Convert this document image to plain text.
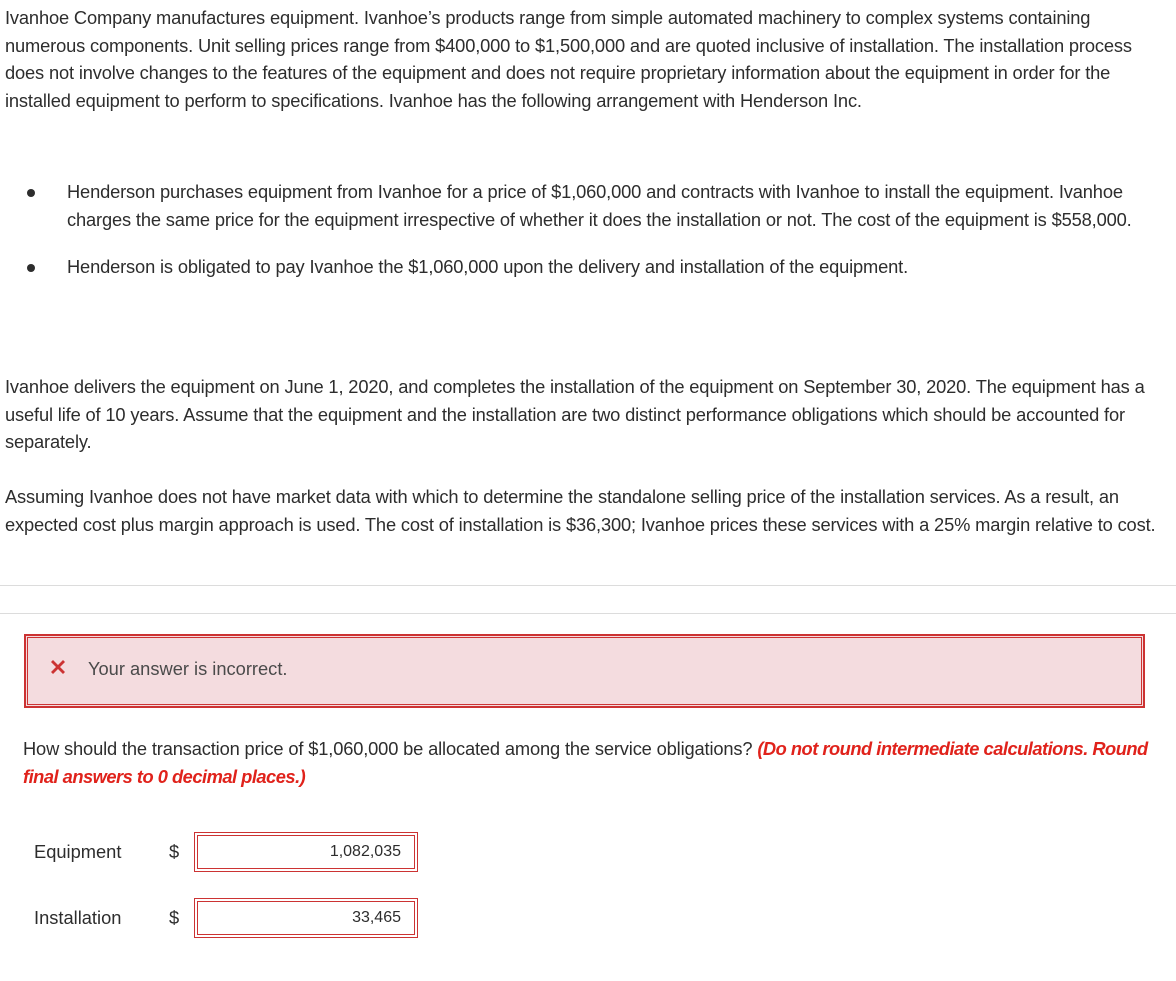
Ivanhoe Company manufactures equipment. Ivanhoe’s products range from simple automated machinery to complex systems containing numerous components. Unit selling prices range from $400,000 to $1,500,000 and are quoted inclusive of installation. The installation process does not involve changes to the features of the equipment and does not require proprietary information about the equipment in order for the installed equipment to perform to specifications. Ivanhoe has the following arrangement with Henderson Inc.

Henderson purchases equipment from Ivanhoe for a price of $1,060,000 and contracts with Ivanhoe to install the equipment. Ivanhoe charges the same price for the equipment irrespective of whether it does the installation or not. The cost of the equipment is $558,000.
Henderson is obligated to pay Ivanhoe the $1,060,000 upon the delivery and installation of the equipment.

Ivanhoe delivers the equipment on June 1, 2020, and completes the installation of the equipment on September 30, 2020. The equipment has a useful life of 10 years. Assume that the equipment and the installation are two distinct performance obligations which should be accounted for separately.

Assuming Ivanhoe does not have market data with which to determine the standalone selling price of the installation services. As a result, an expected cost plus margin approach is used. The cost of installation is $36,300; Ivanhoe prices these services with a 25% margin relative to cost.

Your answer is incorrect.

How should the transaction price of $1,060,000 be allocated among the service obligations? (Do not round intermediate calculations. Round final answers to 0 decimal places.)

Equipment	$
1,082,035
Installation	$
33,465
